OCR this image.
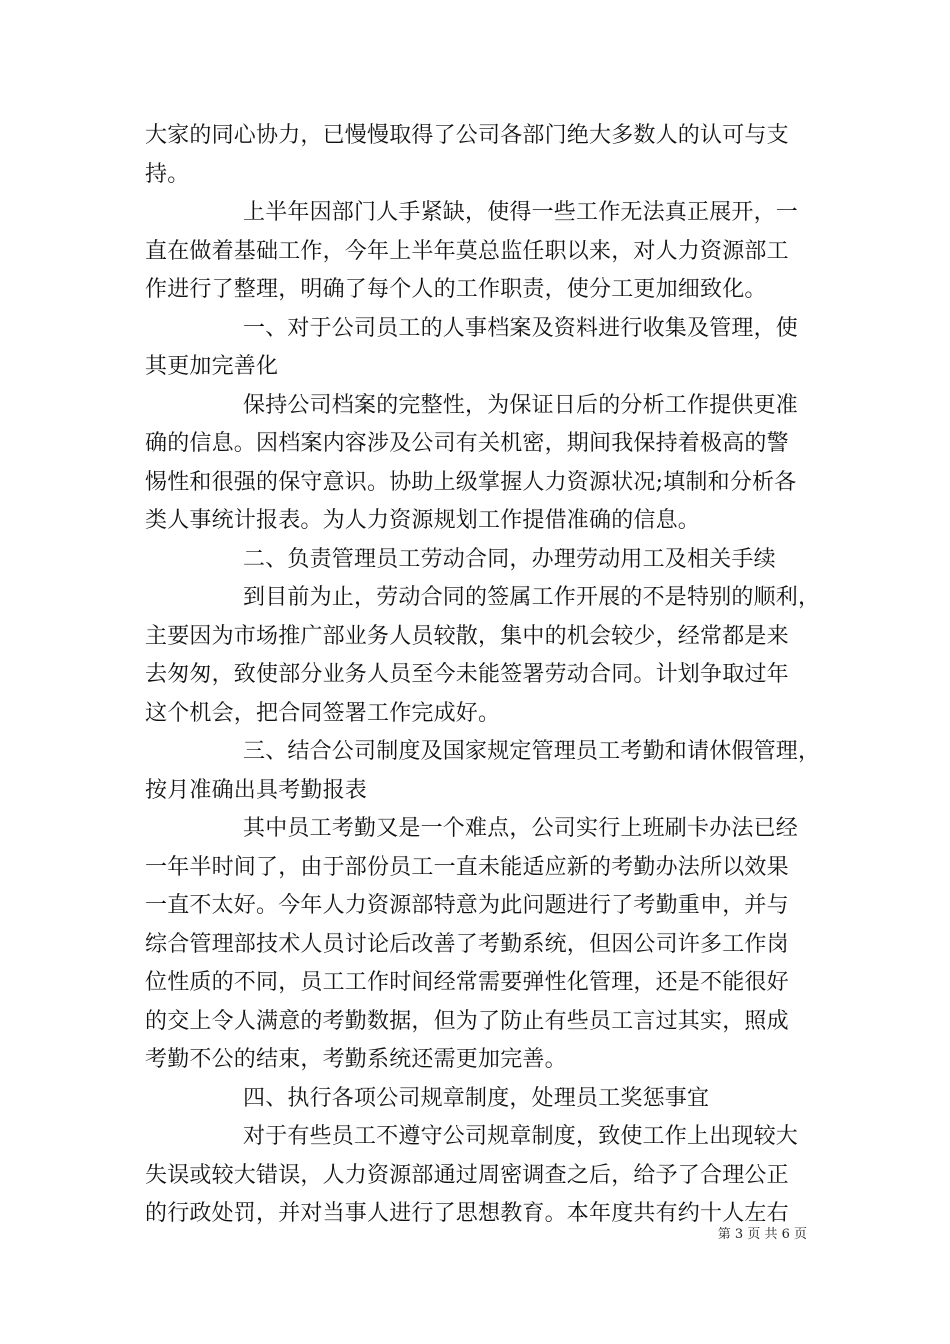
大家的同心协力，已慢慢取得了公司各部门绝大多数人的认可与支
持。
上半年因部门人手紧缺，使得一些工作无法真正展开，一
直在做着基础工作，今年上半年莫总监任职以来，对人力资源部工
作进行了整理，明确了每个人的工作职责，使分工更加细致化。
一、对于公司员工的人事档案及资料进行收集及管理，使
其更加完善化
保持公司档案的完整性，为保证日后的分析工作提供更准
确的信息。因档案内容涉及公司有关机密，期间我保持着极高的警
惕性和很强的保守意识。协助上级掌握人力资源状况;填制和分析各
类人事统计报表。为人力资源规划工作提借准确的信息。
二、负责管理员工劳动合同，办理劳动用工及相关手续
到目前为止，劳动合同的签属工作开展的不是特别的顺利，
主要因为市场推广部业务人员较散，集中的机会较少，经常都是来
去匆匆，致使部分业务人员至今未能签署劳动合同。计划争取过年
这个机会，把合同签署工作完成好。
三、结合公司制度及国家规定管理员工考勤和请休假管理，
按月准确出具考勤报表
其中员工考勤又是一个难点，公司实行上班刷卡办法已经
一年半时间了，由于部份员工一直未能适应新的考勤办法所以效果
一直不太好。今年人力资源部特意为此问题进行了考勤重申，并与
综合管理部技术人员讨论后改善了考勤系统，但因公司许多工作岗
位性质的不同，员工工作时间经常需要弹性化管理，还是不能很好
的交上令人满意的考勤数据，但为了防止有些员工言过其实，照成
考勤不公的结束，考勤系统还需更加完善。
四、执行各项公司规章制度，处理员工奖惩事宜
对于有些员工不遵守公司规章制度，致使工作上出现较大
失误或较大错误，人力资源部通过周密调查之后，给予了合理公正
的行政处罚，并对当事人进行了思想教育。本年度共有约十人左右
第 3 页 共 6 页
